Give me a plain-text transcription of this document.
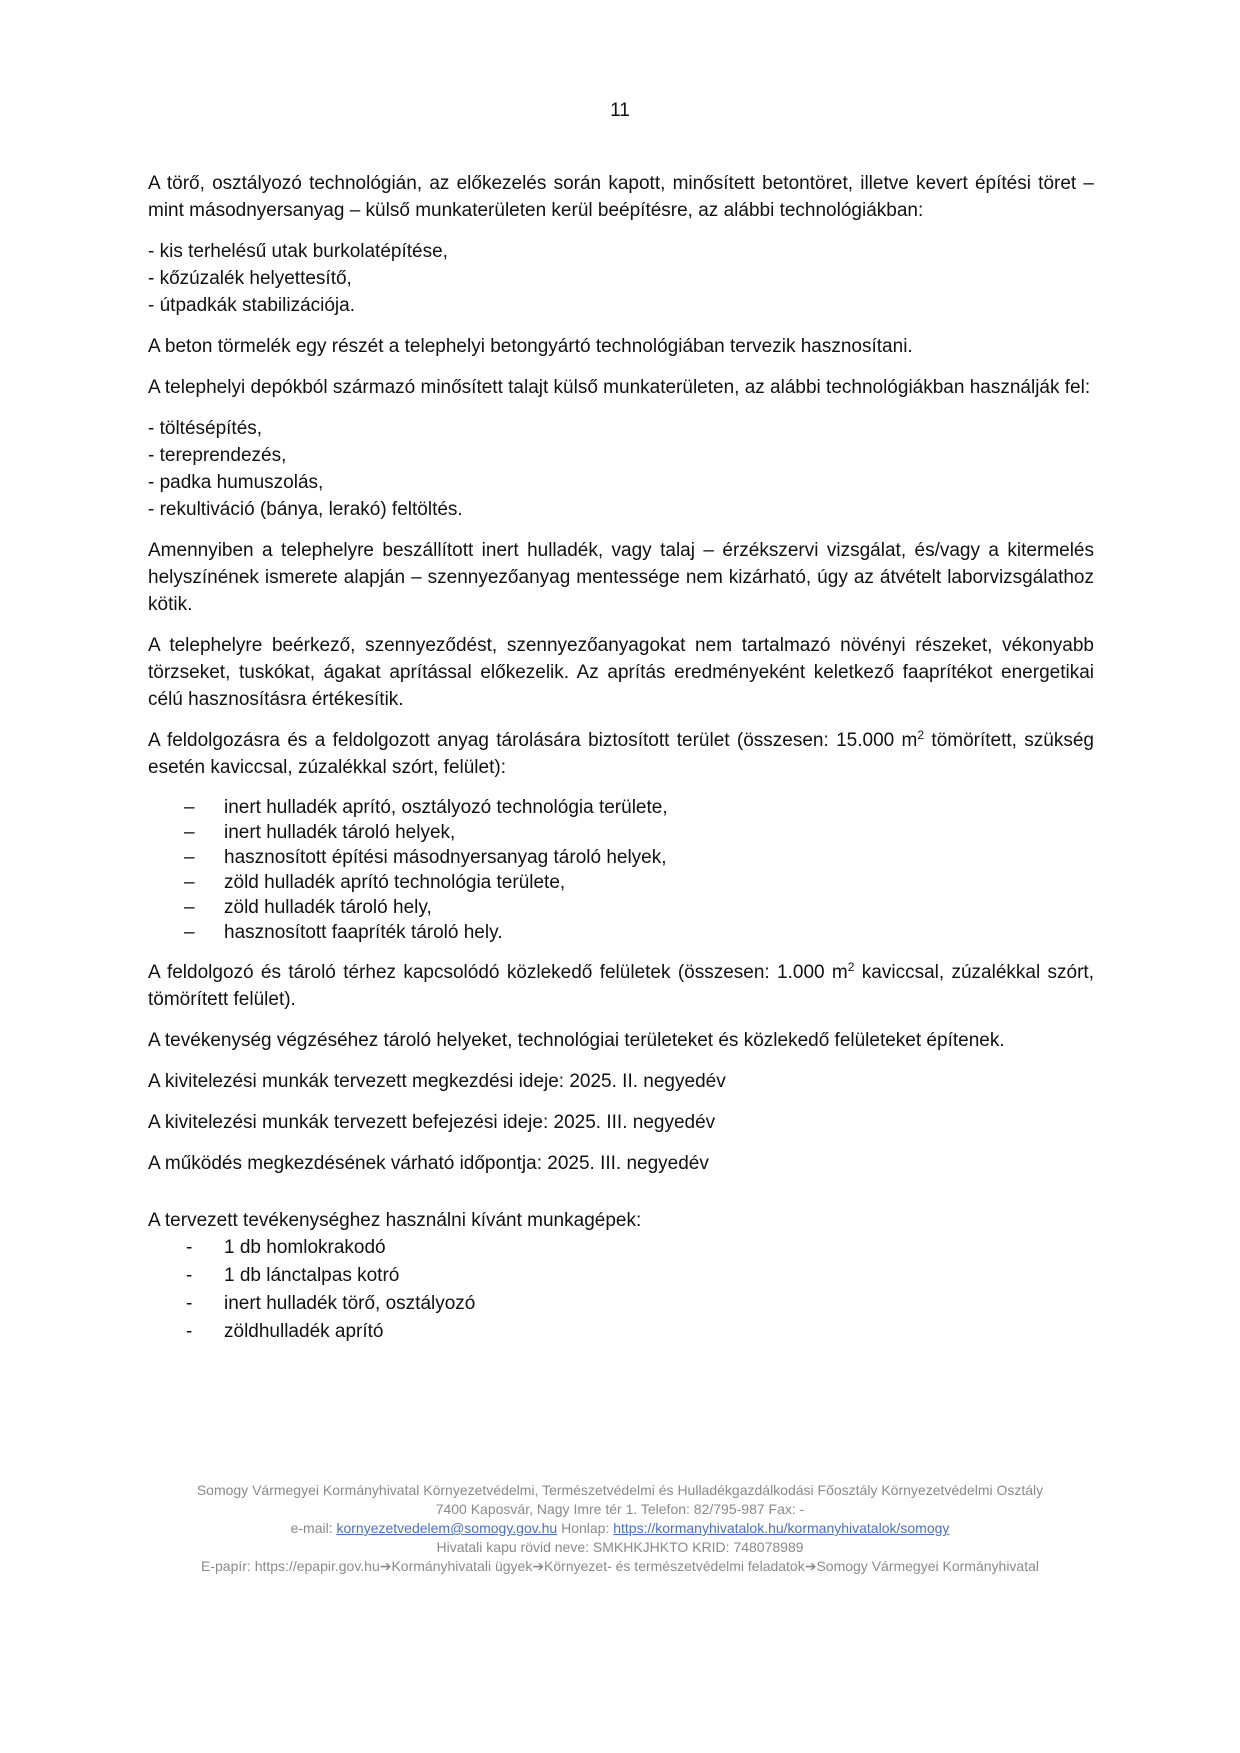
11

A törő, osztályozó technológián, az előkezelés során kapott, minősített betontöret, illetve kevert építési töret – mint másodnyersanyag – külső munkaterületen kerül beépítésre, az alábbi technológiákban:

- kis terhelésű utak burkolatépítése,
- kőzúzalék helyettesítő,
- útpadkák stabilizációja.

A beton törmelék egy részét a telephelyi betongyártó technológiában tervezik hasznosítani.

A telephelyi depókból származó minősített talajt külső munkaterületen, az alábbi technológiákban használják fel:

- töltésépítés,
- tereprendezés,
- padka humuszolás,
- rekultiváció (bánya, lerakó) feltöltés.

Amennyiben a telephelyre beszállított inert hulladék, vagy talaj – érzékszervi vizsgálat, és/vagy a kitermelés helyszínének ismerete alapján – szennyezőanyag mentessége nem kizárható, úgy az átvételt laborvizsgálathoz kötik.

A telephelyre beérkező, szennyeződést, szennyezőanyagokat nem tartalmazó növényi részeket, vékonyabb törzseket, tuskókat, ágakat aprítással előkezelik. Az aprítás eredményeként keletkező faaprítékot energetikai célú hasznosításra értékesítik.

A feldolgozásra és a feldolgozott anyag tárolására biztosított terület (összesen: 15.000 $m^2$ tömörített, szükség esetén kaviccsal, zúzalékkal szórt, felület):

– inert hulladék aprító, osztályozó technológia területe,
– inert hulladék tároló helyek,
– hasznosított építési másodnyersanyag tároló helyek,
– zöld hulladék aprító technológia területe,
– zöld hulladék tároló hely,
– hasznosított faapríték tároló hely.

A feldolgozó és tároló térhez kapcsolódó közlekedő felületek (összesen: 1.000 $m^2$ kaviccsal, zúzalékkal szórt, tömörített felület).

A tevékenység végzéséhez tároló helyeket, technológiai területeket és közlekedő felületeket építenek.

A kivitelezési munkák tervezett megkezdési ideje: 2025. II. negyedév

A kivitelezési munkák tervezett befejezési ideje: 2025. III. negyedév

A működés megkezdésének várható időpontja: 2025. III. negyedév

A tervezett tevékenységhez használni kívánt munkagépek:

- 1 db homlokrakodó
- 1 db lánctalpas kotró
- inert hulladék törő, osztályozó
- zöldhulladék aprító
Somogy Vármegyei Kormányhivatal Környezetvédelmi, Természetvédelmi és Hulladékgazdálkodási Főosztály Környezetvédelmi Osztály
7400 Kaposvár, Nagy Imre tér 1. Telefon: 82/795-987 Fax: -
e-mail: kornyezetvedelem@somogy.gov.hu Honlap: https://kormanyhivatalok.hu/kormanyhivatalok/somogy
Hivatali kapu rövid neve: SMKHKJHKTO KRID: 748078989
E-papír: https://epapir.gov.hu➔Kormányhivatali ügyek➔Környezet- és természetvédelmi feladatok➔Somogy Vármegyei Kormányhivatal
